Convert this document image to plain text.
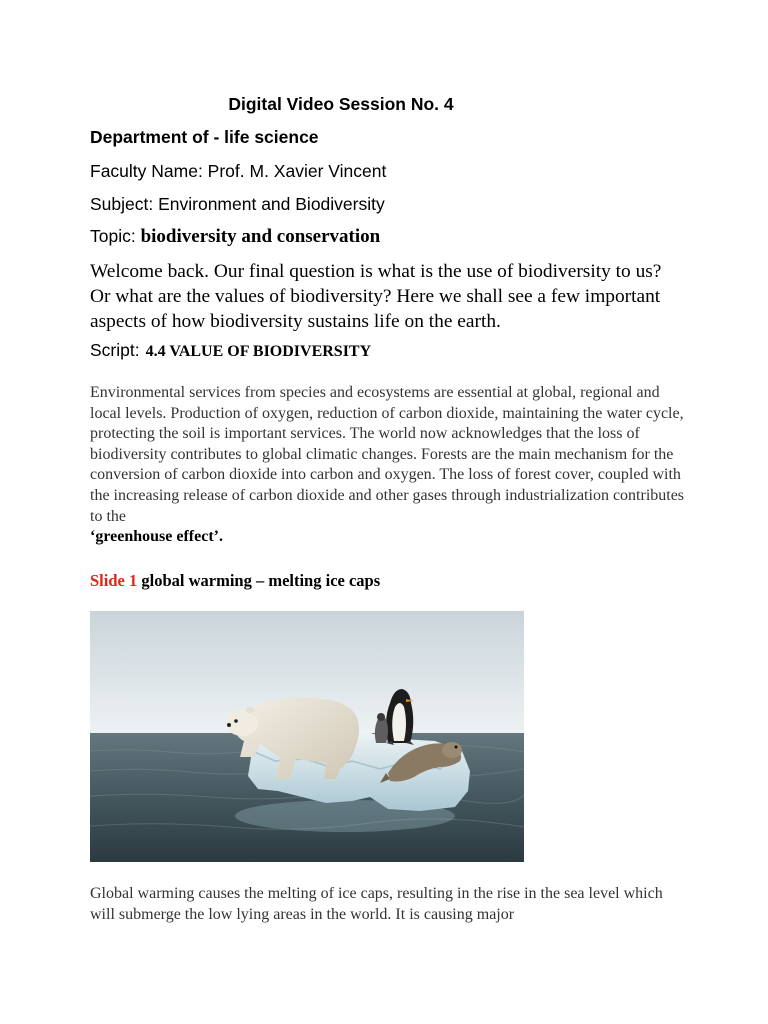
Digital Video Session No. 4
Department of - life science
Faculty Name: Prof. M. Xavier Vincent
Subject: Environment and Biodiversity
Topic: biodiversity and conservation

Welcome back. Our final question is what is the use of biodiversity to us? Or what are the values of biodiversity? Here we shall see a few important aspects of how biodiversity sustains life on the earth.

Script: 4.4 VALUE OF BIODIVERSITY

Environmental services from species and ecosystems are essential at global, regional and local levels. Production of oxygen, reduction of carbon dioxide, maintaining the water cycle, protecting the soil is important services. The world now acknowledges that the loss of biodiversity contributes to global climatic changes. Forests are the main mechanism for the conversion of carbon dioxide into carbon and oxygen. The loss of forest cover, coupled with the increasing release of carbon dioxide and other gases through industrialization contributes to the
‘greenhouse effect’.

Slide 1 global warming – melting ice caps

Global warming causes the melting of ice caps, resulting in the rise in the sea level which will submerge the low lying areas in the world. It is causing major
